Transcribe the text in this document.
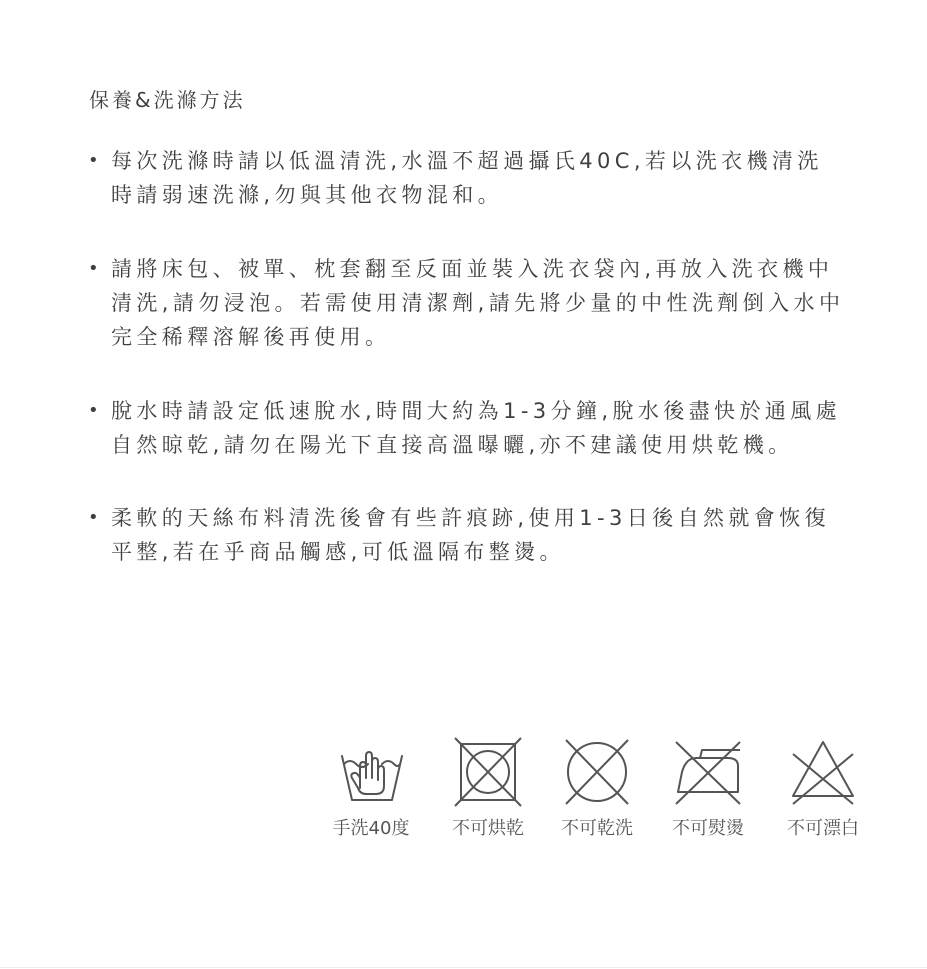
保養&洗滌方法
• 每次洗滌時請以低溫清洗,水溫不超過攝氏40C,若以洗衣機清洗時請弱速洗滌,勿與其他衣物混和。
• 請將床包、被單、枕套翻至反面並裝入洗衣袋內,再放入洗衣機中清洗,請勿浸泡。若需使用清潔劑,請先將少量的中性洗劑倒入水中完全稀釋溶解後再使用。
• 脫水時請設定低速脫水,時間大約為1-3分鐘,脫水後盡快於通風處自然晾乾,請勿在陽光下直接高溫曝曬,亦不建議使用烘乾機。
• 柔軟的天絲布料清洗後會有些許痕跡,使用1-3日後自然就會恢復平整,若在乎商品觸感,可低溫隔布整燙。
手洗40度	不可烘乾	不可乾洗	不可熨燙	不可漂白
